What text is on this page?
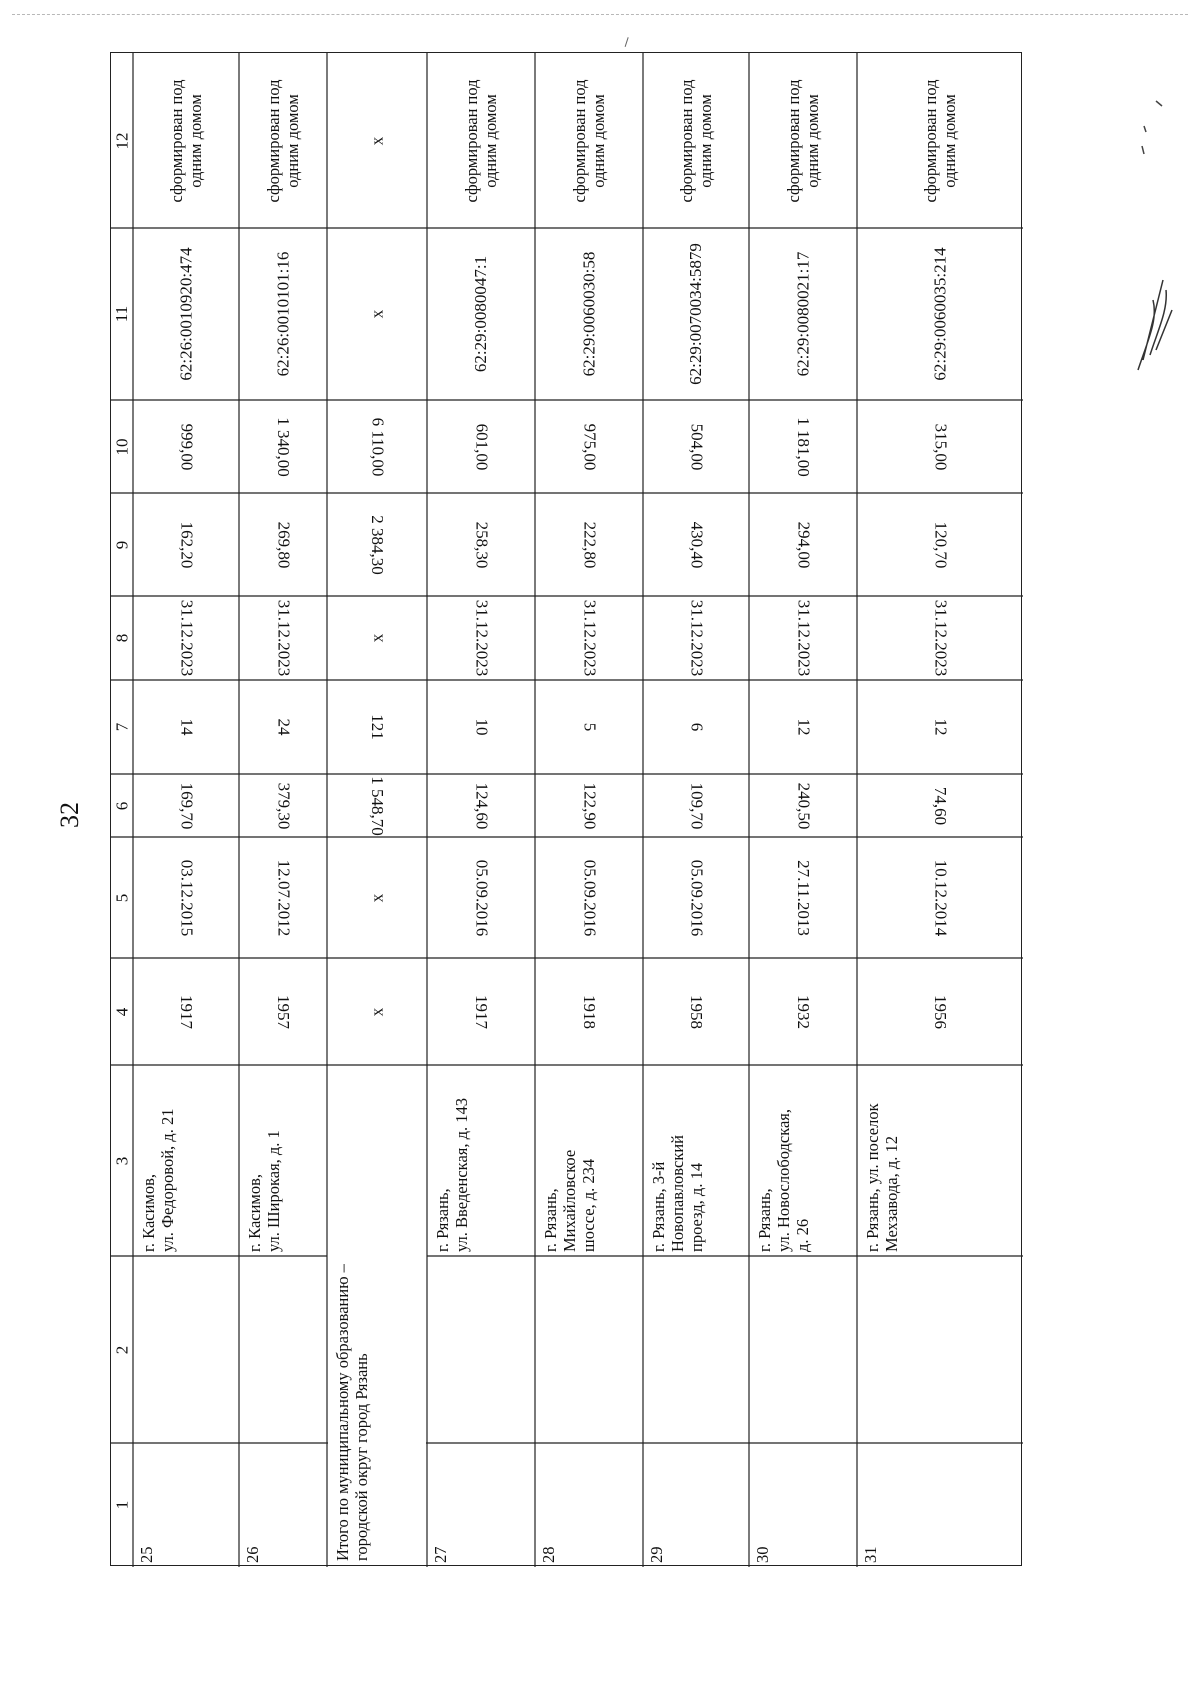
32
1
2
3
4
5
6
7
8
9
10
11
12
1917
03.12.2015
169,70
14
31.12.2023
162,20
999,00
62:26:0010920:474
сформирован под одним домом
25
г. Касимов,
ул. Федоровой, д. 21
1957
12.07.2012
379,30
24
31.12.2023
269,80
1 340,00
62:26:0010101:16
сформирован под одним домом
26
г. Касимов,
ул. Широкая, д. 1
х
х
1 548,70
121
х
2 384,30
6 110,00
х
х
Итого по муниципальному образованию –
городской округ город Рязань
1917
05.09.2016
124,60
10
31.12.2023
258,30
601,00
62:29:0080047:1
сформирован под одним домом
27
г. Рязань,
ул. Введенская, д. 143
1918
05.09.2016
122,90
5
31.12.2023
222,80
975,00
62:29:0060030:58
сформирован под одним домом
28
г. Рязань,
Михайловское
шоссе, д. 234
1958
05.09.2016
109,70
6
31.12.2023
430,40
504,00
62:29:0070034:5879
сформирован под одним домом
29
г. Рязань, 3-й
Новопавловский
проезд, д. 14
1932
27.11.2013
240,50
12
31.12.2023
294,00
1 181,00
62:29:0080021:17
сформирован под одним домом
30
г. Рязань,
ул. Новослободская,
д. 26
1956
10.12.2014
74,60
12
31.12.2023
120,70
315,00
62:29:0060035:214
сформирован под одним домом
31
г. Рязань, ул. поселок
Мехзавода, д. 12
